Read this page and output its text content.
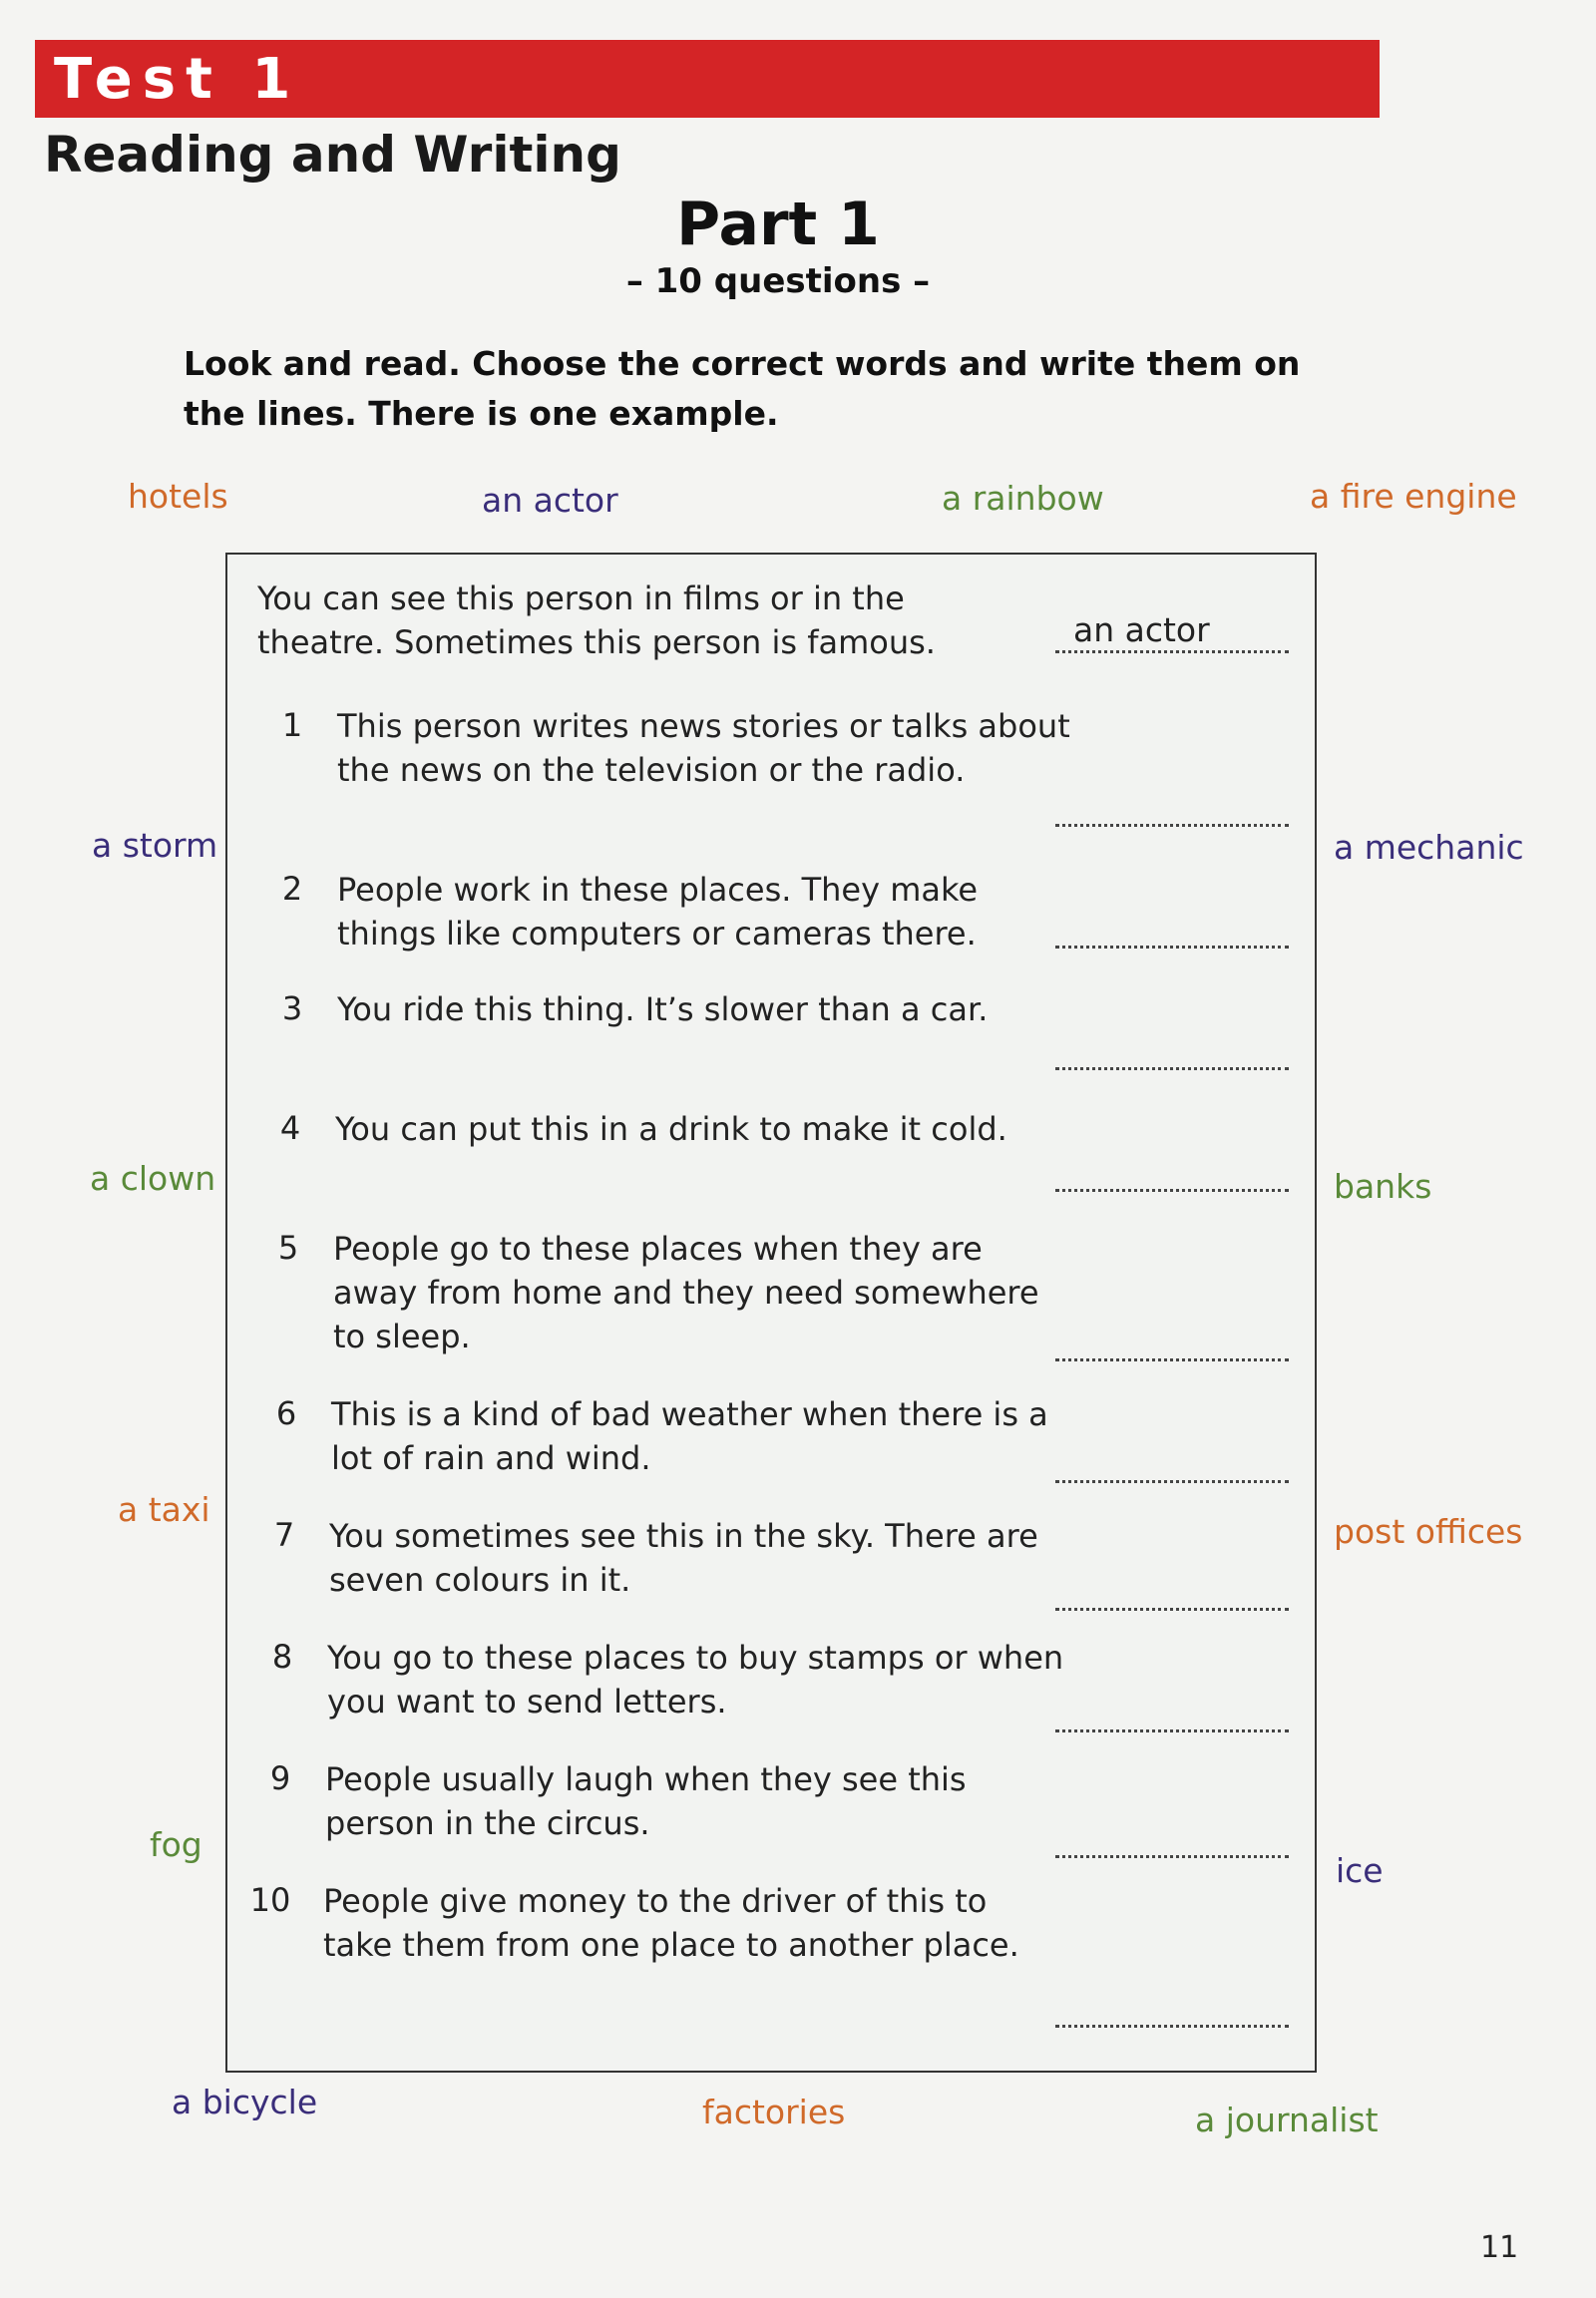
Test 1
Reading and Writing
Part 1
– 10 questions –
Look and read. Choose the correct words and write them on the lines. There is one example.
hotels	an actor	a rainbow	a fire engine
a storm	a mechanic
a clown	banks
a taxi
post offices
fog
ice
a bicycle	factories	a journalist
You can see this person in films or in the theatre. Sometimes this person is famous.	an actor
1	This person writes news stories or talks about the news on the television or the radio.
2	People work in these places. They make things like computers or cameras there.
3	You ride this thing. It’s slower than a car.
4	You can put this in a drink to make it cold.
5	People go to these places when they are away from home and they need somewhere to sleep.
6	This is a kind of bad weather when there is a lot of rain and wind.
7	You sometimes see this in the sky. There are seven colours in it.
8	You go to these places to buy stamps or when you want to send letters.
9	People usually laugh when they see this person in the circus.
10	People give money to the driver of this to take them from one place to another place.
11
